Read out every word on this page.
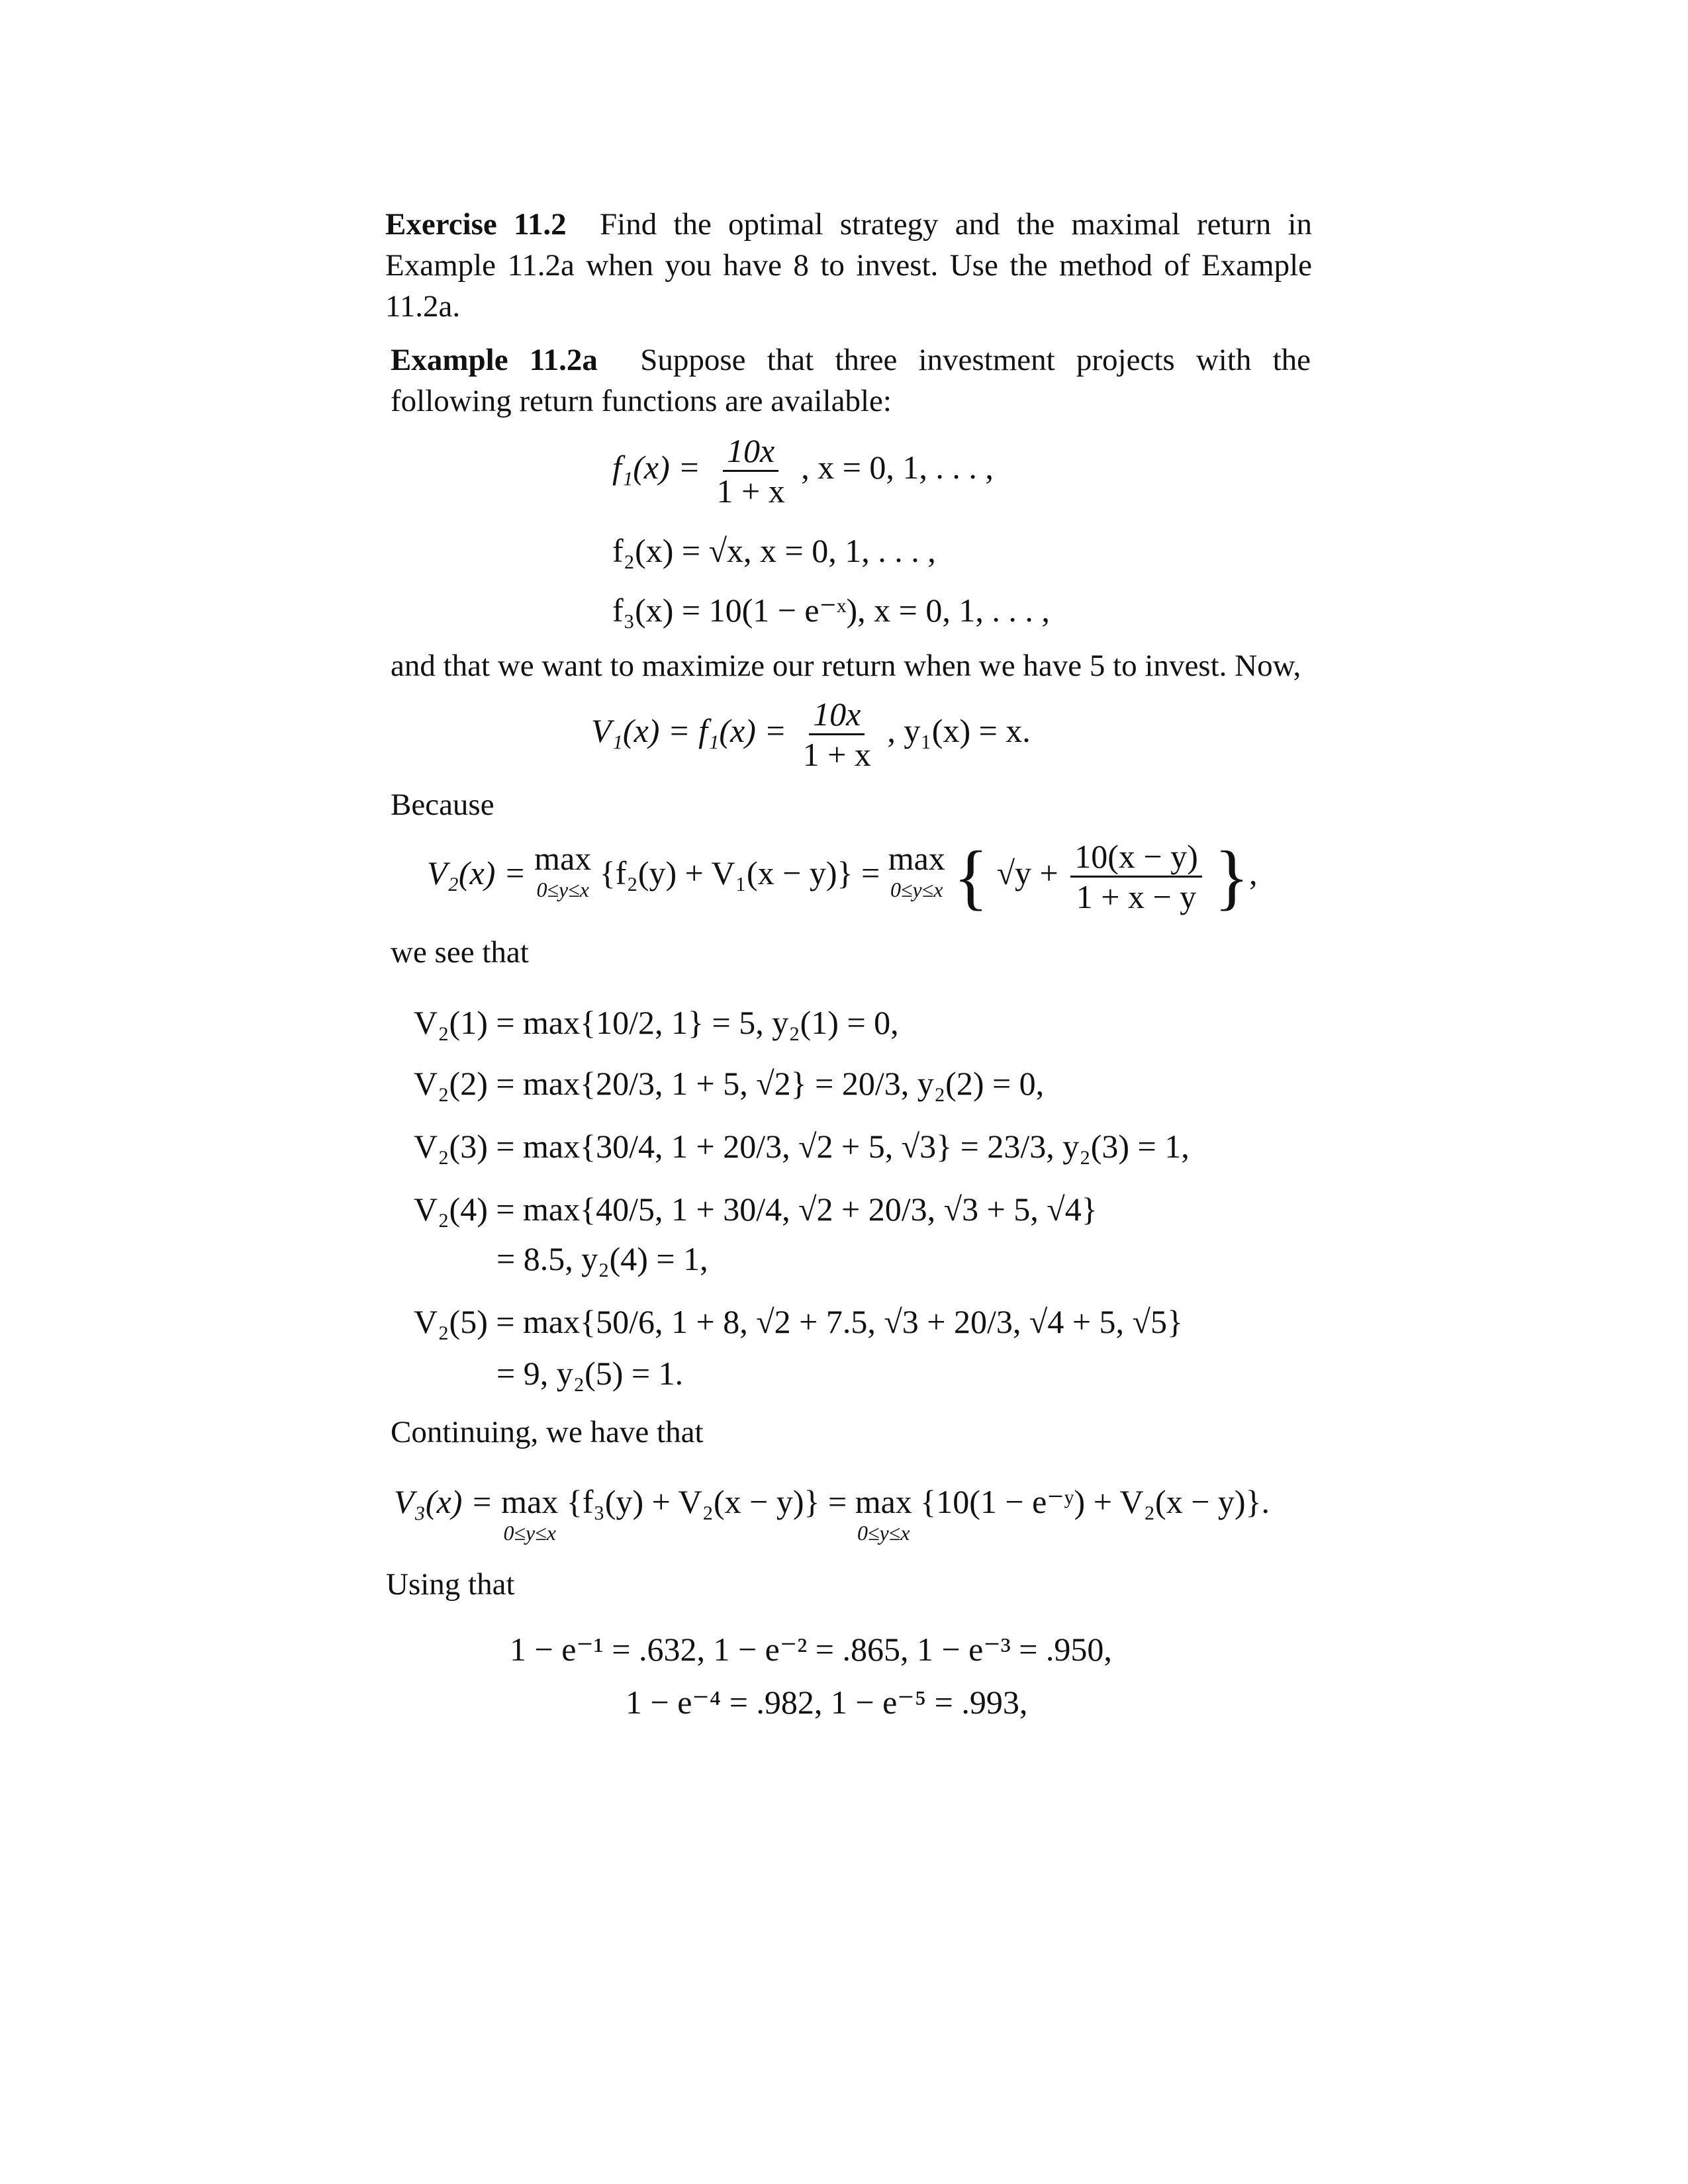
Exercise 11.2 Find the optimal strategy and the maximal return in Example 11.2a when you have 8 to invest. Use the method of Example 11.2a.
Example 11.2a Suppose that three investment projects with the following return functions are available:
$f_1(x) = \frac{10x}{1 + x}$ , x = 0, 1, . . . ,
f₂(x) = √x, x = 0, 1, . . . ,
f₃(x) = 10(1 − e⁻ˣ), x = 0, 1, . . . ,
and that we want to maximize our return when we have 5 to invest. Now,
$V_1(x) = f_1(x) = \frac{10x}{1 + x}$ , y₁(x) = x.
Because
V₂(x) = max
0≤y≤x {f₂(y) + V₁(x − y)} = max
0≤y≤x { $√y + \frac{10(x - y)}{1 + x - y}$ },
we see that
V₂(1) = max{10/2, 1} = 5, y₂(1) = 0,
V₂(2) = max{20/3, 1 + 5, √2} = 20/3, y₂(2) = 0,
V₂(3) = max{30/4, 1 + 20/3, √2 + 5, √3} = 23/3, y₂(3) = 1,
V₂(4) = max{40/5, 1 + 30/4, √2 + 20/3, √3 + 5, √4}
= 8.5, y₂(4) = 1,
V₂(5) = max{50/6, 1 + 8, √2 + 7.5, √3 + 20/3, √4 + 5, √5}
= 9, y₂(5) = 1.
Continuing, we have that
V₃(x) = max
0≤y≤x
{f₃(y) + V₂(x − y)} = max
0≤y≤x
{10(1 − e⁻ʸ) + V₂(x − y)}.
Using that
1 − e⁻¹ = .632, 1 − e⁻² = .865, 1 − e⁻³ = .950,
1 − e⁻⁴ = .982, 1 − e⁻⁵ = .993,
